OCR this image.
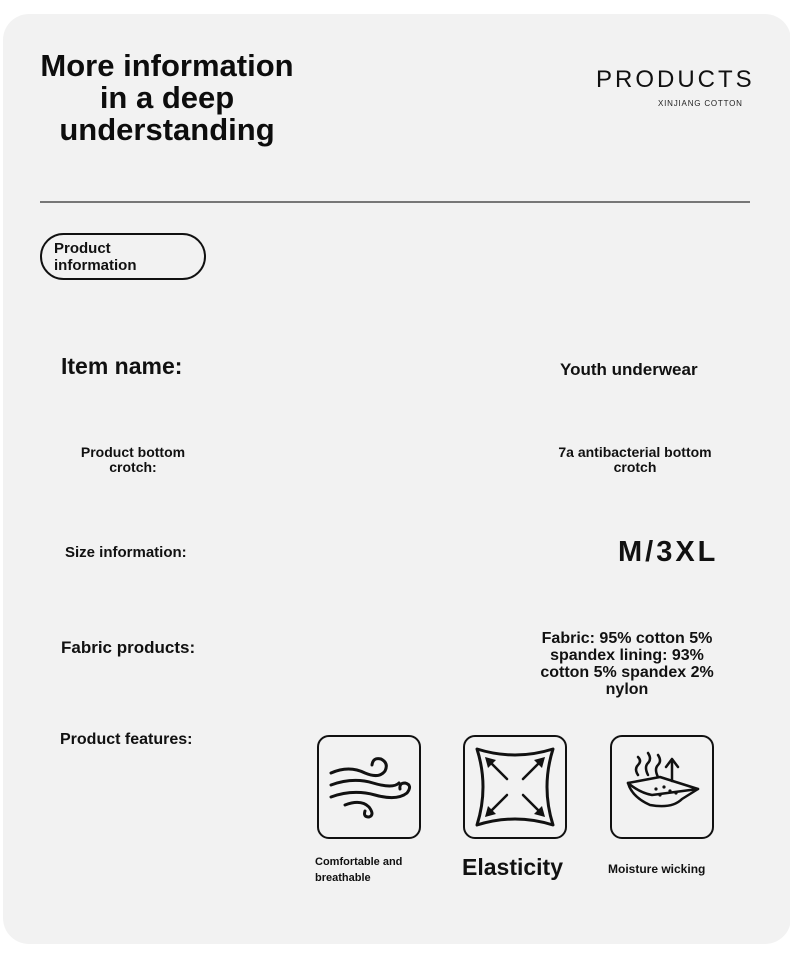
More information in a deep understanding
PRODUCTS
XINJIANG COTTON
Product information
Item name:	Youth underwear
Product bottom crotch:
7a antibacterial bottom crotch
Size information:	M/3XL
Fabric products:	Fabric: 95% cotton 5% spandex lining: 93% cotton 5% spandex 2% nylon
Product features:
Comfortable and breathable	Elasticity	Moisture wicking
